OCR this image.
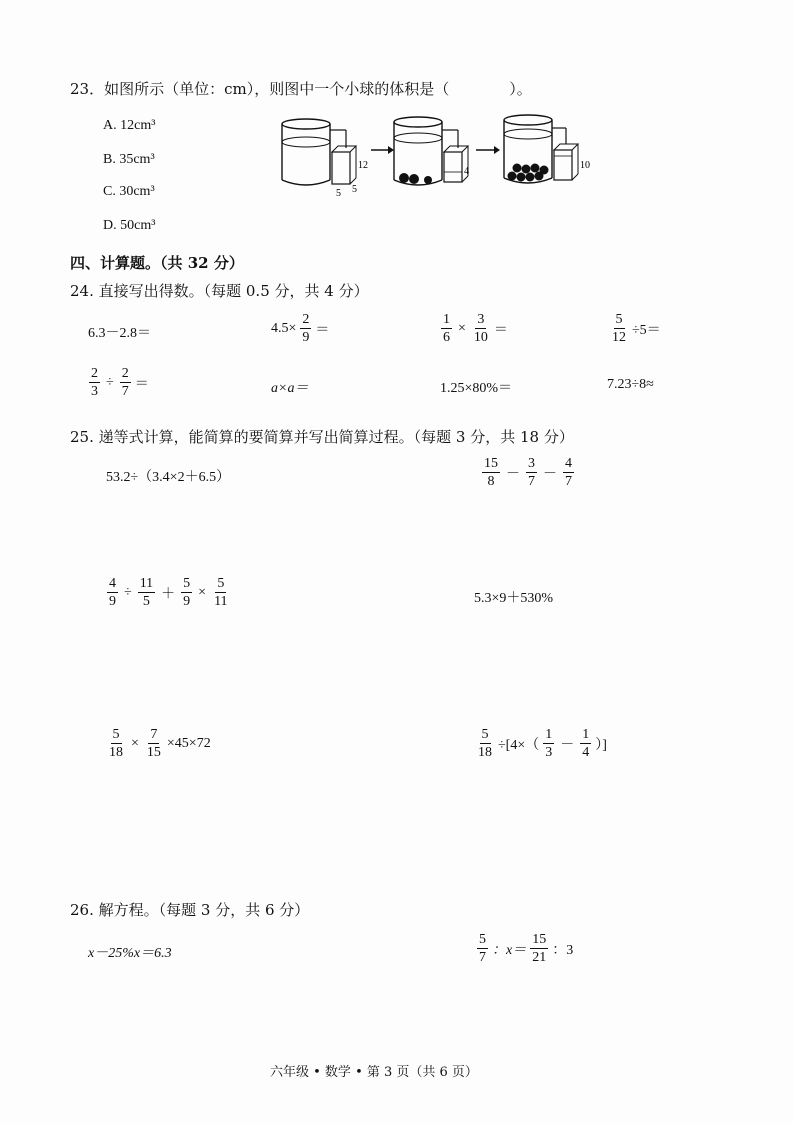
23．如图所示（单位：cm），则图中一个小球的体积是（　　　　）。
A. 12cm³
B. 35cm³
C. 30cm³
D. 50cm³
12
5 5
4
10
四、计算题。（共 32 分）
24. 直接写出得数。（每题 0.5 分，共 4 分）
6.3－2.8＝	$4.5\times \frac{2}{9}$ ＝	$\frac{1}{6} \times \frac{3}{10}$ ＝	$\frac{5}{12} \div 5=$
$\frac{2}{3} \div \frac{2}{7}$ ＝	a×a＝	1.25×80%＝	7.23÷8≈
25. 递等式计算，能简算的要简算并写出简算过程。（每题 3 分，共 18 分）
53.2÷（3.4×2＋6.5）	$\frac{15}{8} - \frac{3}{7} - \frac{4}{7}$
$\frac{4}{9} \div \frac{11}{5} + \frac{5}{9} \times \frac{5}{11}$	5.3×9＋530%
$\frac{5}{18} \times \frac{7}{15} \times 45\times 72$	$\frac{5}{18} \div[4\times( \frac{1}{3} - \frac{1}{4}$ ）]
26. 解方程。（每题 3 分，共 6 分）
x－25%x＝6.3	$\frac{5}{7}$ ：$x= \frac{15}{21}$ ：3
六年级 • 数学 • 第 3 页（共 6 页）
